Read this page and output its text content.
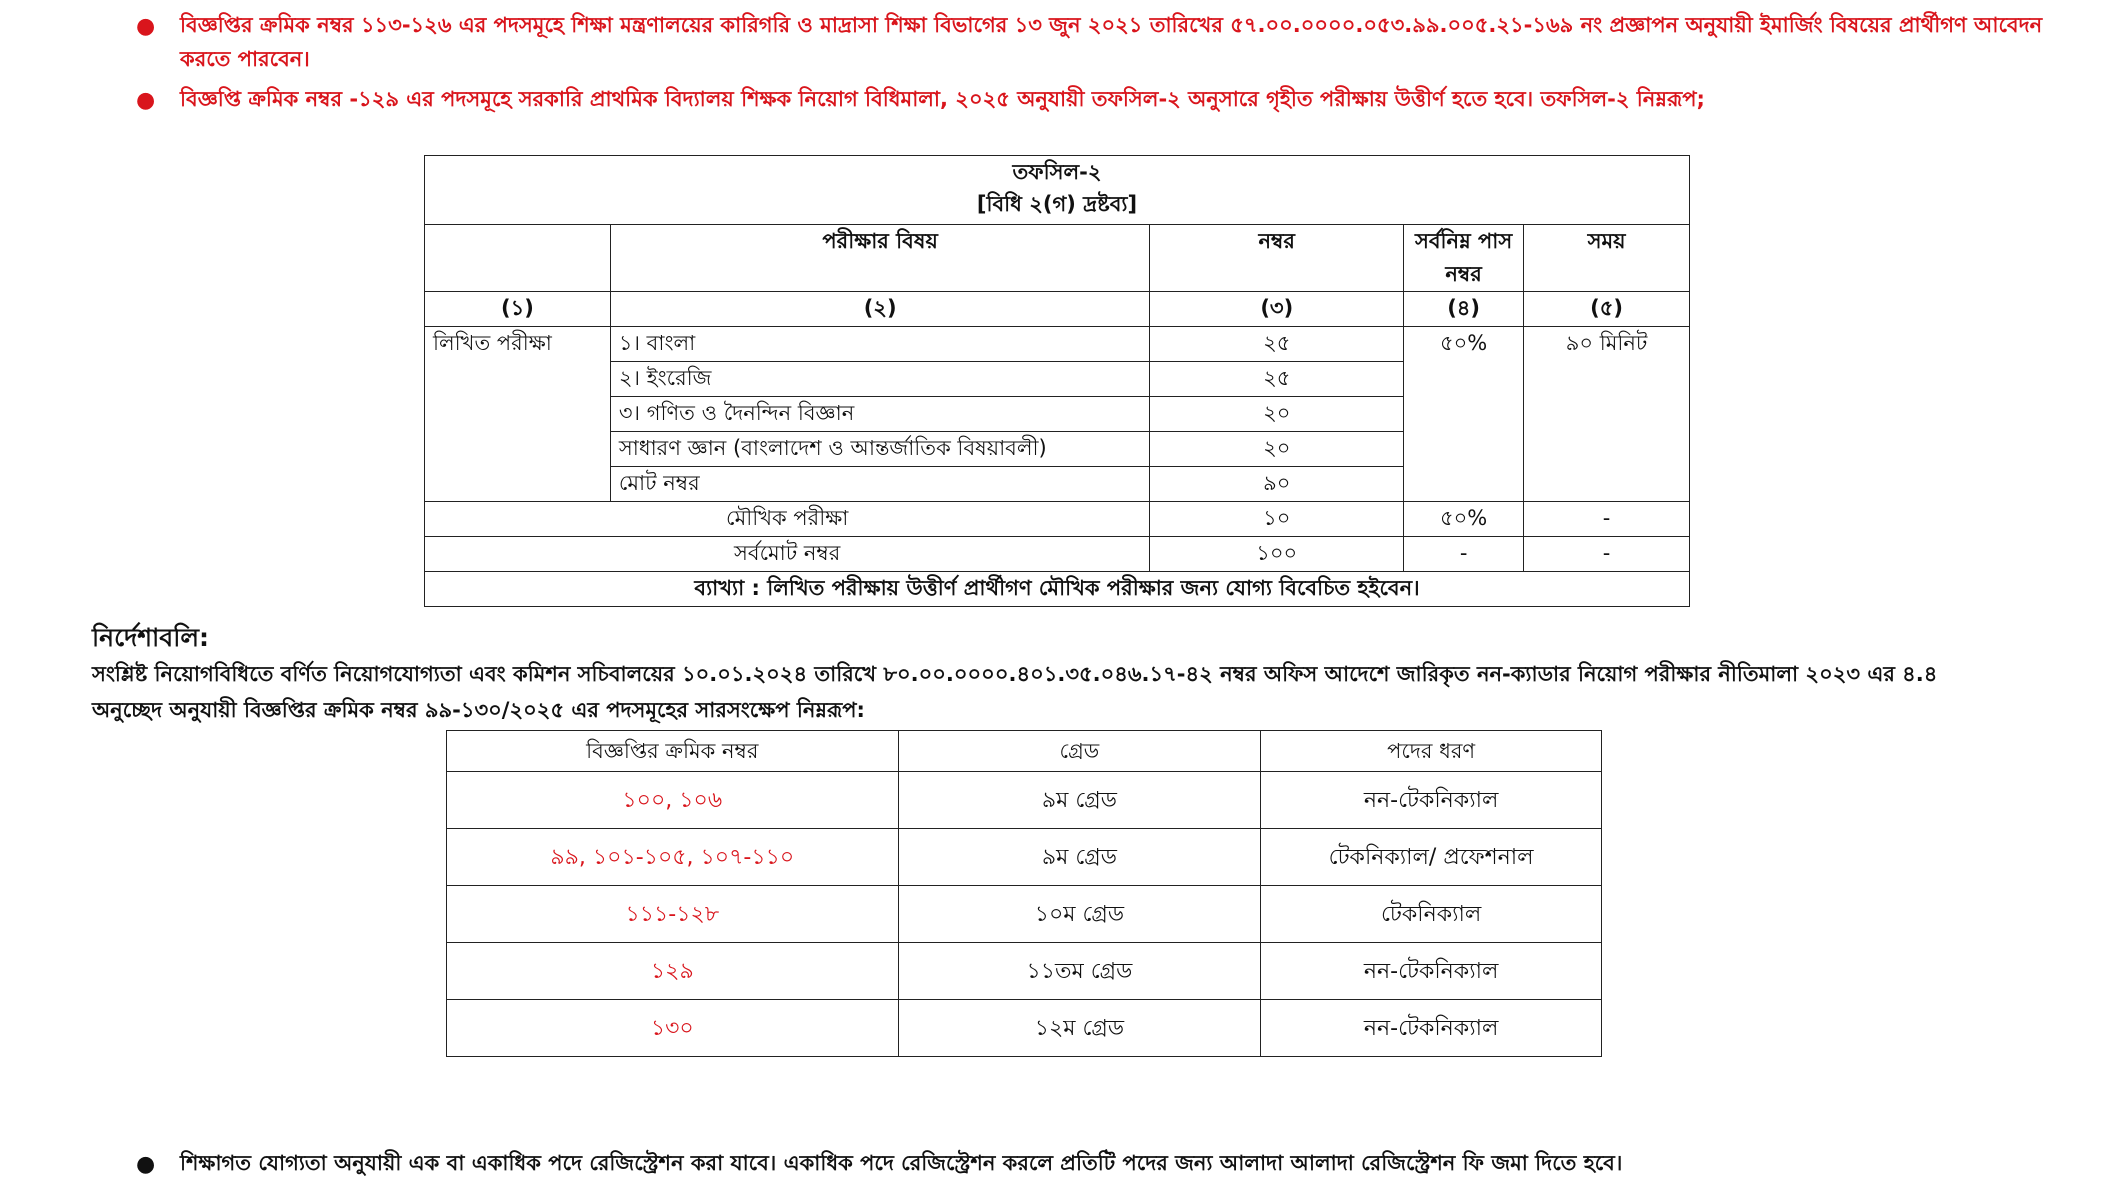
● বিজ্ঞপ্তির ক্রমিক নম্বর ১১৩-১২৬ এর পদসমূহে শিক্ষা মন্ত্রণালয়ের কারিগরি ও মাদ্রাসা শিক্ষা বিভাগের ১৩ জুন ২০২১ তারিখের ৫৭.০০.০০০০.০৫৩.৯৯.০০৫.২১-১৬৯ নং প্রজ্ঞাপন অনুযায়ী ইমার্জিং বিষয়ের প্রার্থীগণ আবেদন করতে পারবেন।
● বিজ্ঞপ্তি ক্রমিক নম্বর -১২৯ এর পদসমূহে সরকারি প্রাথমিক বিদ্যালয় শিক্ষক নিয়োগ বিধিমালা, ২০২৫ অনুযায়ী তফসিল-২ অনুসারে গৃহীত পরীক্ষায় উত্তীর্ণ হতে হবে। তফসিল-২ নিম্নরূপ;
তফসিল-২
[বিধি ২(গ) দ্রষ্টব্য]				

	পরীক্ষার বিষয়	নম্বর	সর্বনিম্ন পাস নম্বর	সময়
(১)	(২)	(৩)	(৪)	(৫)
লিখিত পরীক্ষা	১। বাংলা	২৫	৫০%	৯০ মিনিট
	২। ইংরেজি	২৫		
	৩। গণিত ও দৈনন্দিন বিজ্ঞান	২০		
	সাধারণ জ্ঞান (বাংলাদেশ ও আন্তর্জাতিক বিষয়াবলী)	২০		
	মোট নম্বর	৯০		
মৌখিক পরীক্ষা		১০	৫০%	-
সর্বমোট নম্বর		১০০	-	-
ব্যাখ্যা : লিখিত পরীক্ষায় উত্তীর্ণ প্রার্থীগণ মৌখিক পরীক্ষার জন্য যোগ্য বিবেচিত হইবেন।				
নির্দেশাবলি:
সংশ্লিষ্ট নিয়োগবিধিতে বর্ণিত নিয়োগযোগ্যতা এবং কমিশন সচিবালয়ের ১০.০১.২০২৪ তারিখে ৮০.০০.০০০০.৪০১.৩৫.০৪৬.১৭-৪২ নম্বর অফিস আদেশে জারিকৃত নন-ক্যাডার নিয়োগ পরীক্ষার নীতিমালা ২০২৩ এর ৪.৪ অনুচ্ছেদ অনুযায়ী বিজ্ঞপ্তির ক্রমিক নম্বর ৯৯-১৩০/২০২৫ এর পদসমূহের সারসংক্ষেপ নিম্নরূপ:
বিজ্ঞপ্তির ক্রমিক নম্বর	গ্রেড	পদের ধরণ
১০০, ১০৬	৯ম গ্রেড	নন-টেকনিক্যাল
৯৯, ১০১-১০৫, ১০৭-১১০	৯ম গ্রেড	টেকনিক্যাল/ প্রফেশনাল
১১১-১২৮	১০ম গ্রেড	টেকনিক্যাল
১২৯	১১তম গ্রেড	নন-টেকনিক্যাল
১৩০	১২ম গ্রেড	নন-টেকনিক্যাল
● শিক্ষাগত যোগ্যতা অনুযায়ী এক বা একাধিক পদে রেজিস্ট্রেশন করা যাবে। একাধিক পদে রেজিস্ট্রেশন করলে প্রতিটি পদের জন্য আলাদা আলাদা রেজিস্ট্রেশন ফি জমা দিতে হবে।
